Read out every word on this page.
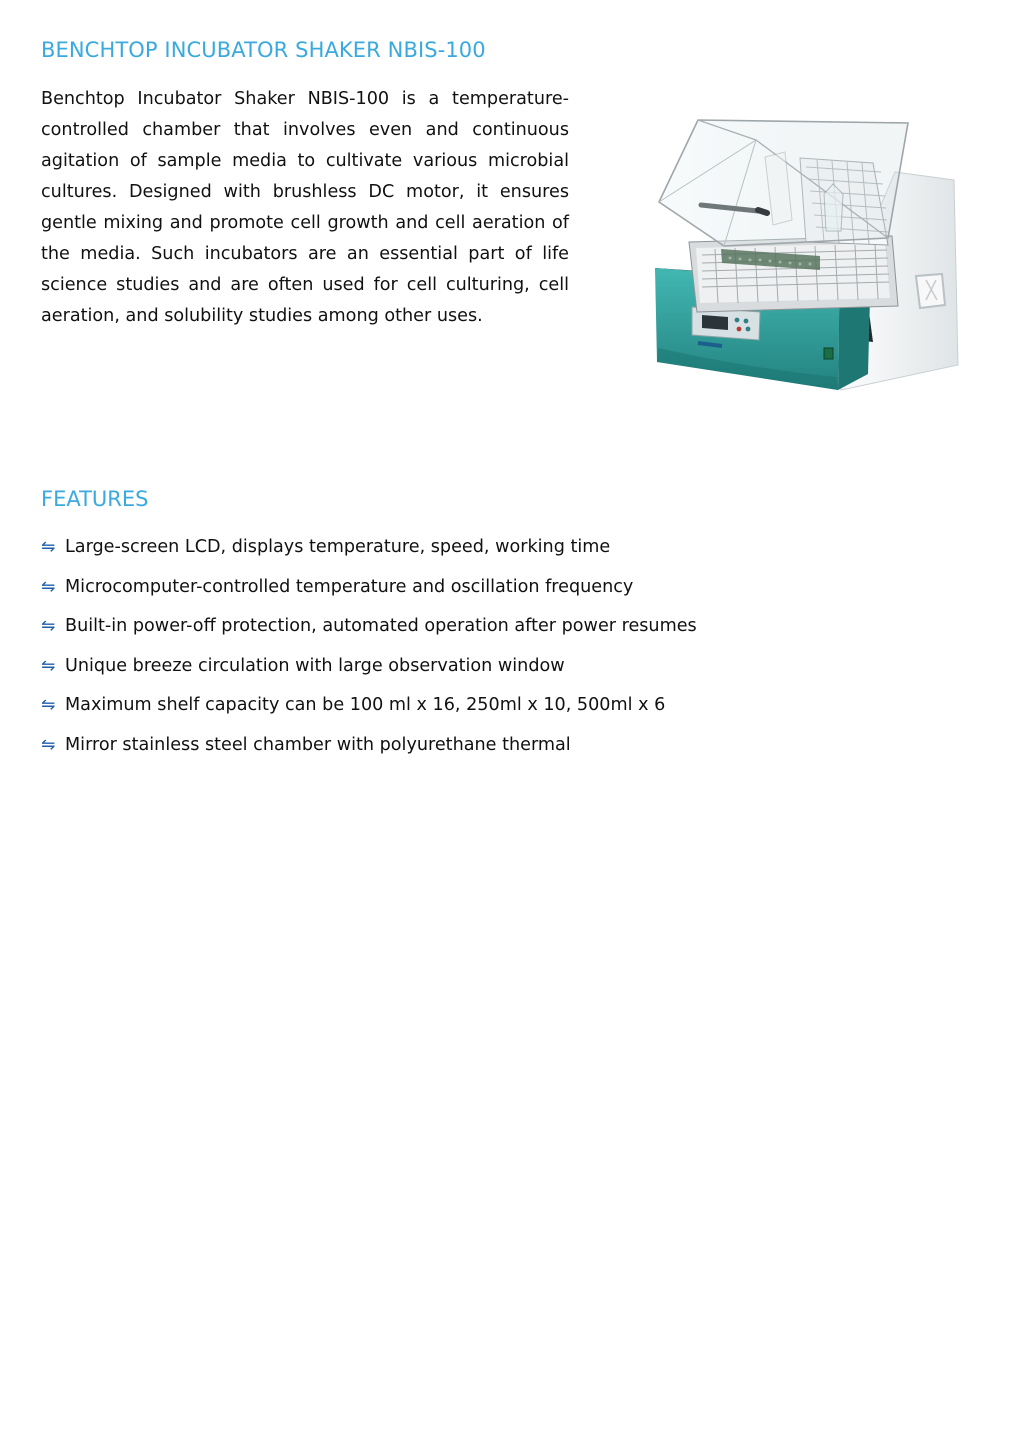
BENCHTOP INCUBATOR SHAKER NBIS-100

Benchtop Incubator Shaker NBIS-100 is a temperature-controlled chamber that involves even and continuous agitation of sample media to cultivate various microbial cultures. Designed with brushless DC motor, it ensures gentle mixing and promote cell growth and cell aeration of the media. Such incubators are an essential part of life science studies and are often used for cell culturing, cell aeration, and solubility studies among other uses.

FEATURES
⇋ Large-screen LCD, displays temperature, speed, working time
⇋ Microcomputer-controlled temperature and oscillation frequency
⇋ Built-in power-off protection, automated operation after power resumes
⇋ Unique breeze circulation with large observation window
⇋ Maximum shelf capacity can be 100 ml x 16, 250ml x 10, 500ml x 6
⇋ Mirror stainless steel chamber with polyurethane thermal
